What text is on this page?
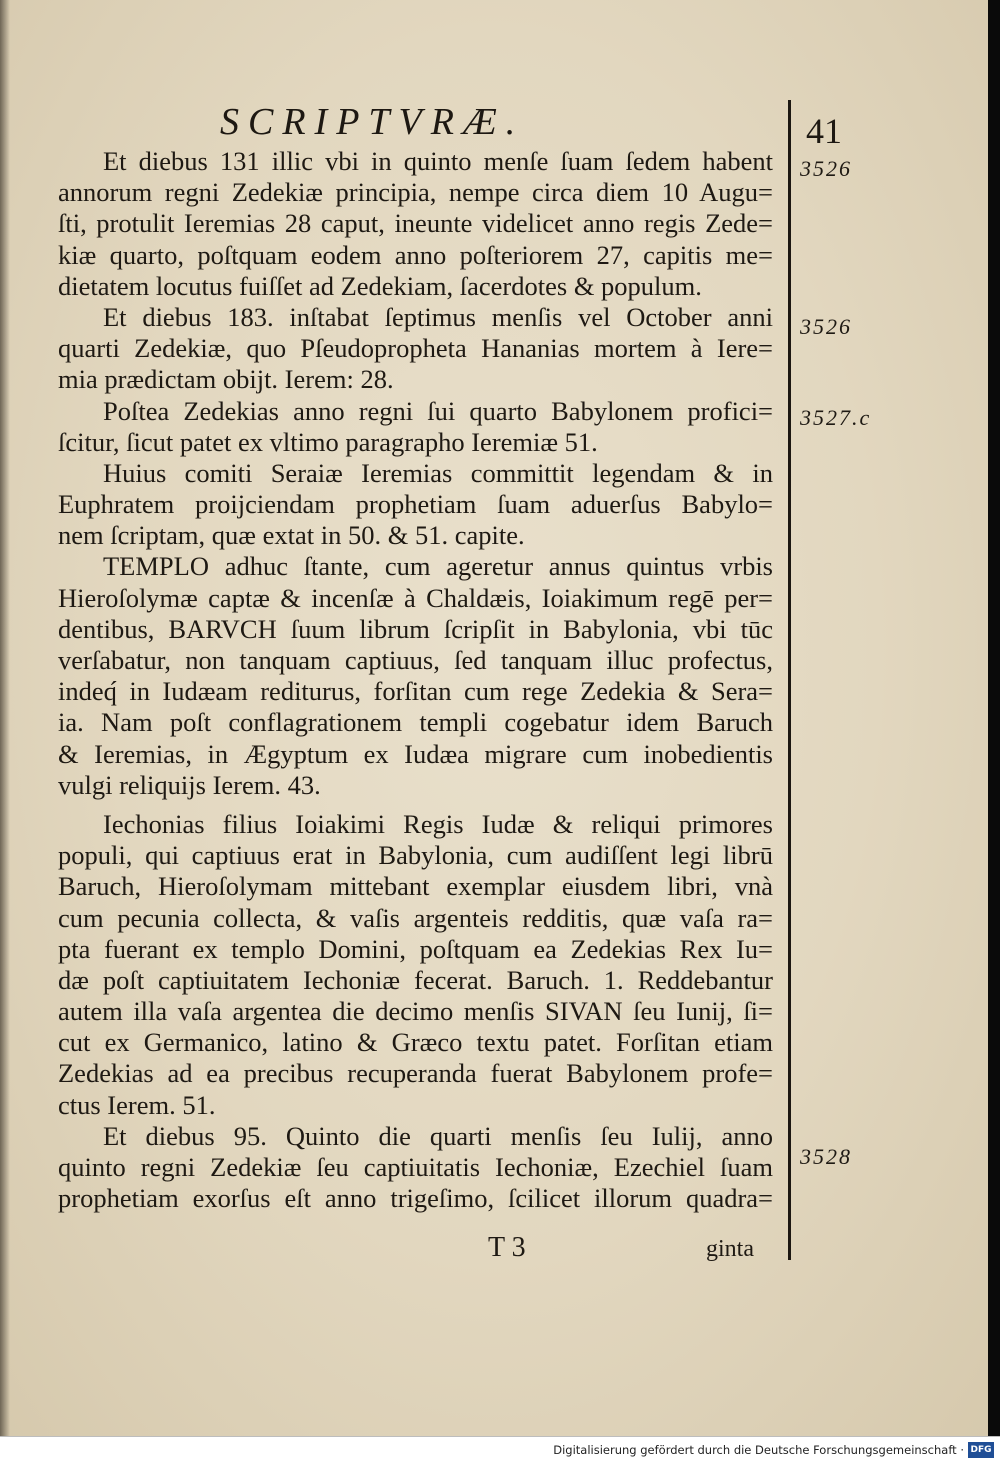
SCRIPTVRÆ.	41
3526
3526
3527.c
3528
Et diebus 131 illic vbi in quinto menſe ſuam ſedem habent
annorum regni Zedekiæ principia, nempe circa diem 10 Augu=
ſti, protulit Ieremias 28 caput, ineunte videlicet anno regis Zede=
kiæ quarto, poſtquam eodem anno poſteriorem 27, capitis me=
dietatem locutus fuiſſet ad Zedekiam, ſacerdotes & populum.
Et diebus 183. inſtabat ſeptimus menſis vel October anni
quarti Zedekiæ, quo Pſeudopropheta Hananias mortem à Iere=
mia prædictam obijt. Ierem: 28.
Poſtea Zedekias anno regni ſui quarto Babylonem profici=
ſcitur, ſicut patet ex vltimo paragrapho Ieremiæ 51.
Huius comiti Seraiæ Ieremias committit legendam & in
Euphratem proijciendam prophetiam ſuam aduerſus Babylo=
nem ſcriptam, quæ extat in 50. & 51. capite.
TEMPLO adhuc ſtante, cum ageretur annus quintus vrbis
Hieroſolymæ captæ & incenſæ à Chaldæis, Ioiakimum regē per=
dentibus, BARVCH ſuum librum ſcripſit in Babylonia, vbi tūc
verſabatur, non tanquam captiuus, ſed tanquam illuc profectus,
indeq́ in Iudæam rediturus, forſitan cum rege Zedekia & Sera=
ia. Nam poſt conflagrationem templi cogebatur idem Baruch
& Ieremias, in Ægyptum ex Iudæa migrare cum inobedientis
vulgi reliquijs Ierem. 43.
Iechonias filius Ioiakimi Regis Iudæ & reliqui primores
populi, qui captiuus erat in Babylonia, cum audiſſent legi librū
Baruch, Hieroſolymam mittebant exemplar eiusdem libri, vnà
cum pecunia collecta, & vaſis argenteis redditis, quæ vaſa ra=
pta fuerant ex templo Domini, poſtquam ea Zedekias Rex Iu=
dæ poſt captiuitatem Iechoniæ fecerat. Baruch. 1. Reddebantur
autem illa vaſa argentea die decimo menſis SIVAN ſeu Iunij, ſi=
cut ex Germanico, latino & Græco textu patet. Forſitan etiam
Zedekias ad ea precibus recuperanda fuerat Babylonem profe=
ctus Ierem. 51.
Et diebus 95. Quinto die quarti menſis ſeu Iulij, anno
quinto regni Zedekiæ ſeu captiuitatis Iechoniæ, Ezechiel ſuam
prophetiam exorſus eſt anno trigeſimo, ſcilicet illorum quadra=
T 3	ginta
Digitalisierung gefördert durch die Deutsche Forschungsgemeinschaft · DFG
